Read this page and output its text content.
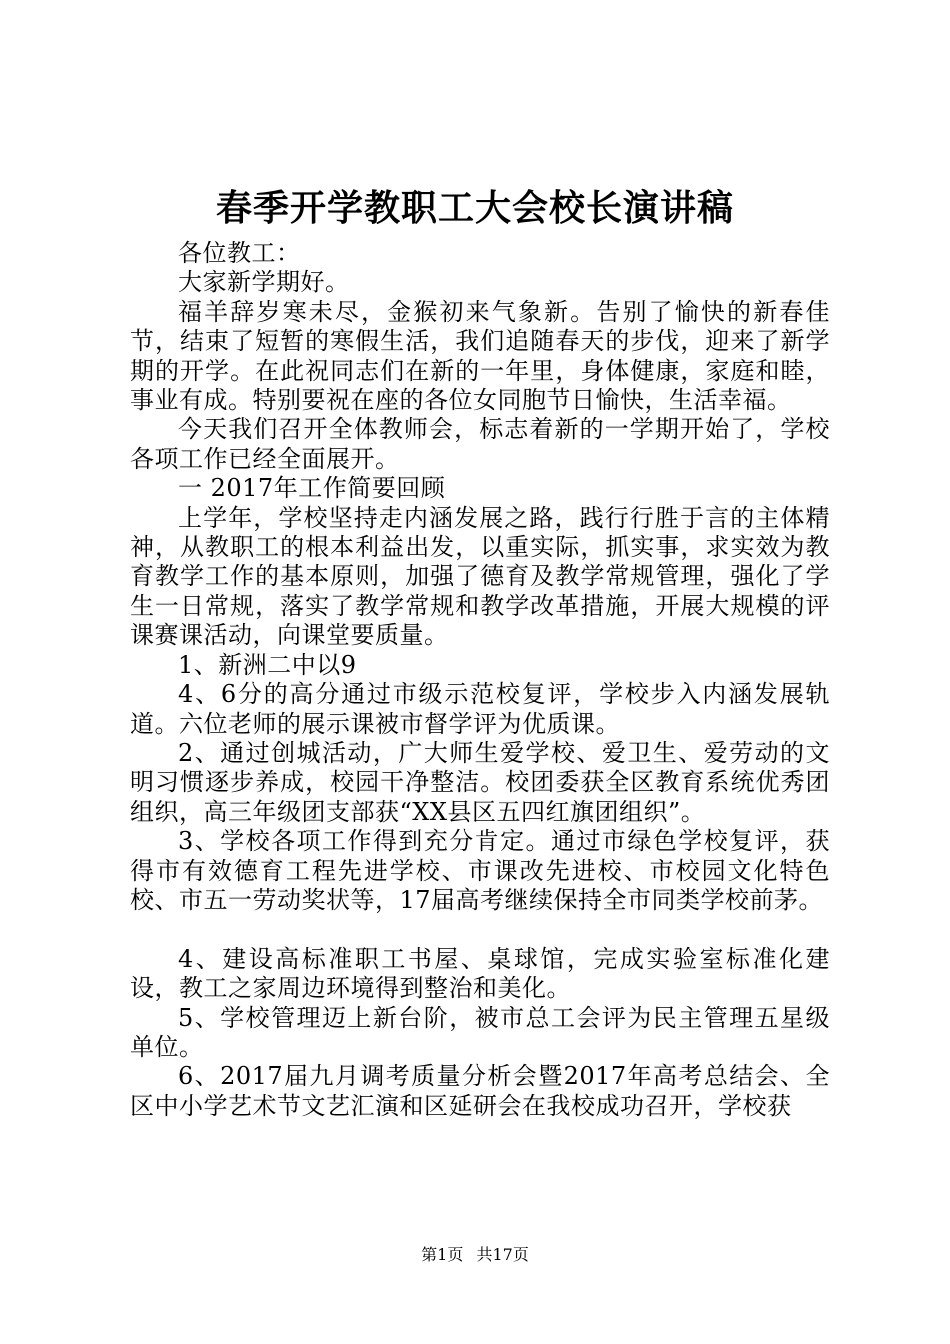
春季开学教职工大会校长演讲稿

各位教工：

大家新学期好。

福羊辞岁寒未尽，金猴初来气象新。告别了愉快的新春佳节，结束了短暂的寒假生活，我们追随春天的步伐，迎来了新学期的开学。在此祝同志们在新的一年里，身体健康，家庭和睦，事业有成。特别要祝在座的各位女同胞节日愉快，生活幸福。

今天我们召开全体教师会，标志着新的一学期开始了，学校各项工作已经全面展开。

一 2017年工作简要回顾

上学年，学校坚持走内涵发展之路，践行行胜于言的主体精神，从教职工的根本利益出发，以重实际，抓实事，求实效为教育教学工作的基本原则，加强了德育及教学常规管理，强化了学生一日常规，落实了教学常规和教学改革措施，开展大规模的评课赛课活动，向课堂要质量。

1、新洲二中以9

4、6分的高分通过市级示范校复评，学校步入内涵发展轨道。六位老师的展示课被市督学评为优质课。

2、通过创城活动，广大师生爱学校、爱卫生、爱劳动的文明习惯逐步养成，校园干净整洁。校团委获全区教育系统优秀团组织，高三年级团支部获“XX县区五四红旗团组织”。

3、学校各项工作得到充分肯定。通过市绿色学校复评，获得市有效德育工程先进学校、市课改先进校、市校园文化特色校、市五一劳动奖状等，17届高考继续保持全市同类学校前茅。

4、建设高标准职工书屋、桌球馆，完成实验室标准化建设，教工之家周边环境得到整治和美化。

5、学校管理迈上新台阶，被市总工会评为民主管理五星级单位。

6、2017届九月调考质量分析会暨2017年高考总结会、全区中小学艺术节文艺汇演和区延研会在我校成功召开，学校获

第1页 共17页
